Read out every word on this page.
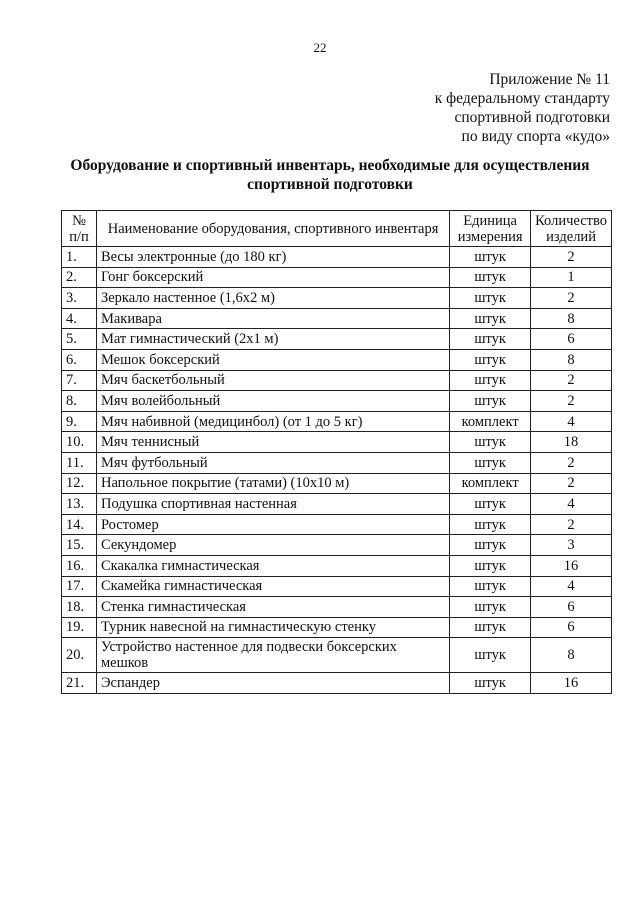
22
Приложение № 11
к федеральному стандарту
спортивной подготовки
по виду спорта «кудо»
Оборудование и спортивный инвентарь, необходимые для осуществления
спортивной подготовки
№ п/п	Наименование оборудования, спортивного инвентаря	Единица измерения	Количество изделий
1.	Весы электронные (до 180 кг)	штук	2
2.	Гонг боксерский	штук	1
3.	Зеркало настенное (1,6х2 м)	штук	2
4.	Макивара	штук	8
5.	Мат гимнастический (2х1 м)	штук	6
6.	Мешок боксерский	штук	8
7.	Мяч баскетбольный	штук	2
8.	Мяч волейбольный	штук	2
9.	Мяч набивной (медицинбол) (от 1 до 5 кг)	комплект	4
10.	Мяч теннисный	штук	18
11.	Мяч футбольный	штук	2
12.	Напольное покрытие (татами) (10х10 м)	комплект	2
13.	Подушка спортивная настенная	штук	4
14.	Ростомер	штук	2
15.	Секундомер	штук	3
16.	Скакалка гимнастическая	штук	16
17.	Скамейка гимнастическая	штук	4
18.	Стенка гимнастическая	штук	6
19.	Турник навесной на гимнастическую стенку	штук	6
20.	Устройство настенное для подвески боксерских мешков	штук	8
21.	Эспандер	штук	16
